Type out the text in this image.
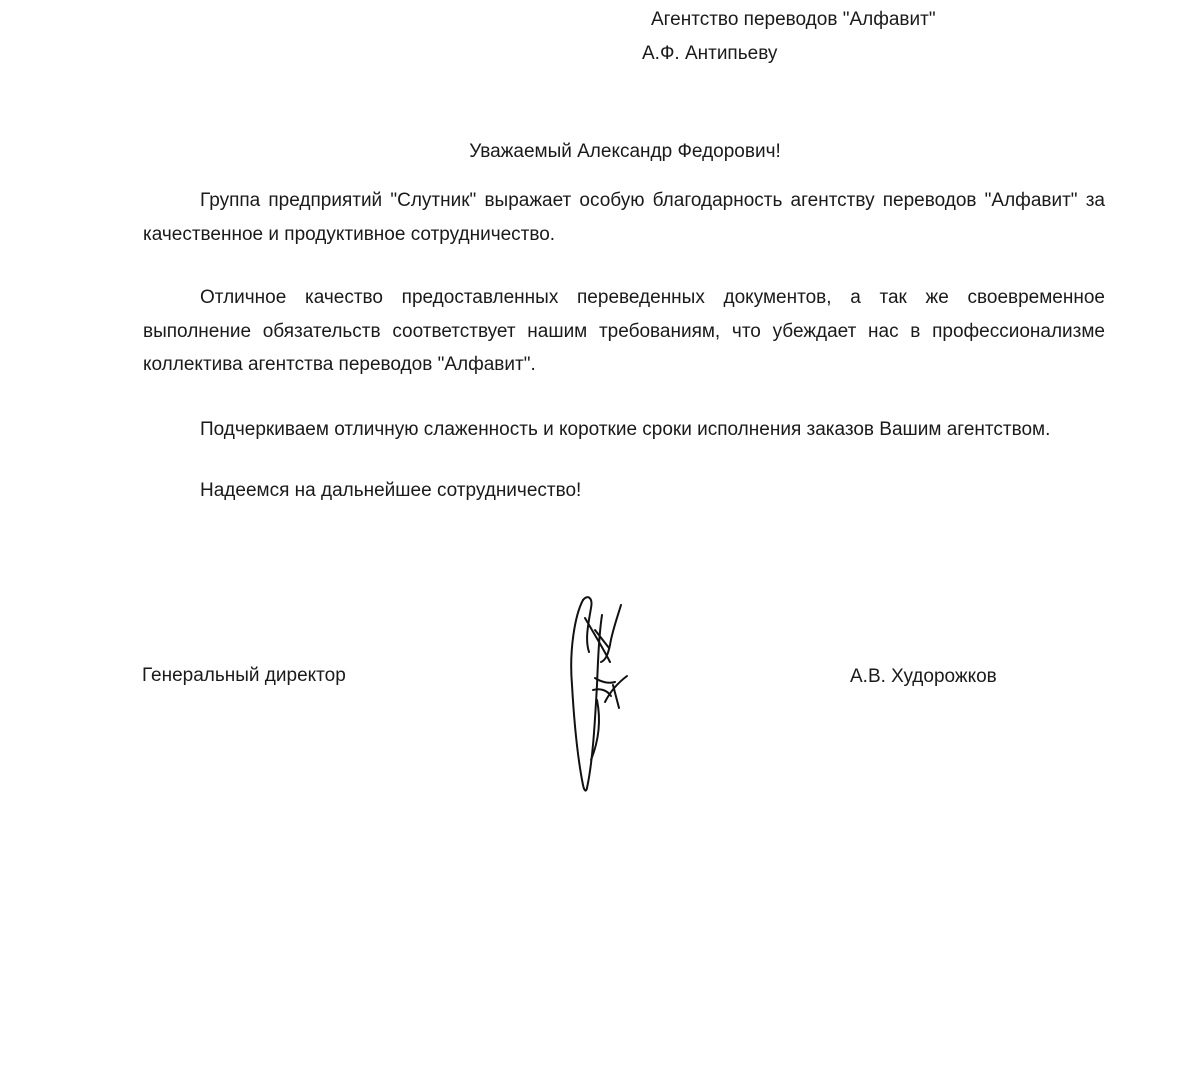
Агентство переводов "Алфавит"
А.Ф. Антипьеву
Уважаемый Александр Федорович!

Группа предприятий "Слутник" выражает особую благодарность агентству переводов "Алфавит" за качественное и продуктивное сотрудничество.

Отличное качество предоставленных переведенных документов, а так же своевременное выполнение обязательств соответствует нашим требованиям, что убеждает нас в профессионализме коллектива агентства переводов "Алфавит".

Подчеркиваем отличную слаженность и короткие сроки исполнения заказов Вашим агентством.

Надеемся на дальнейшее сотрудничество!

Генеральный директор	А.В. Худорожков
